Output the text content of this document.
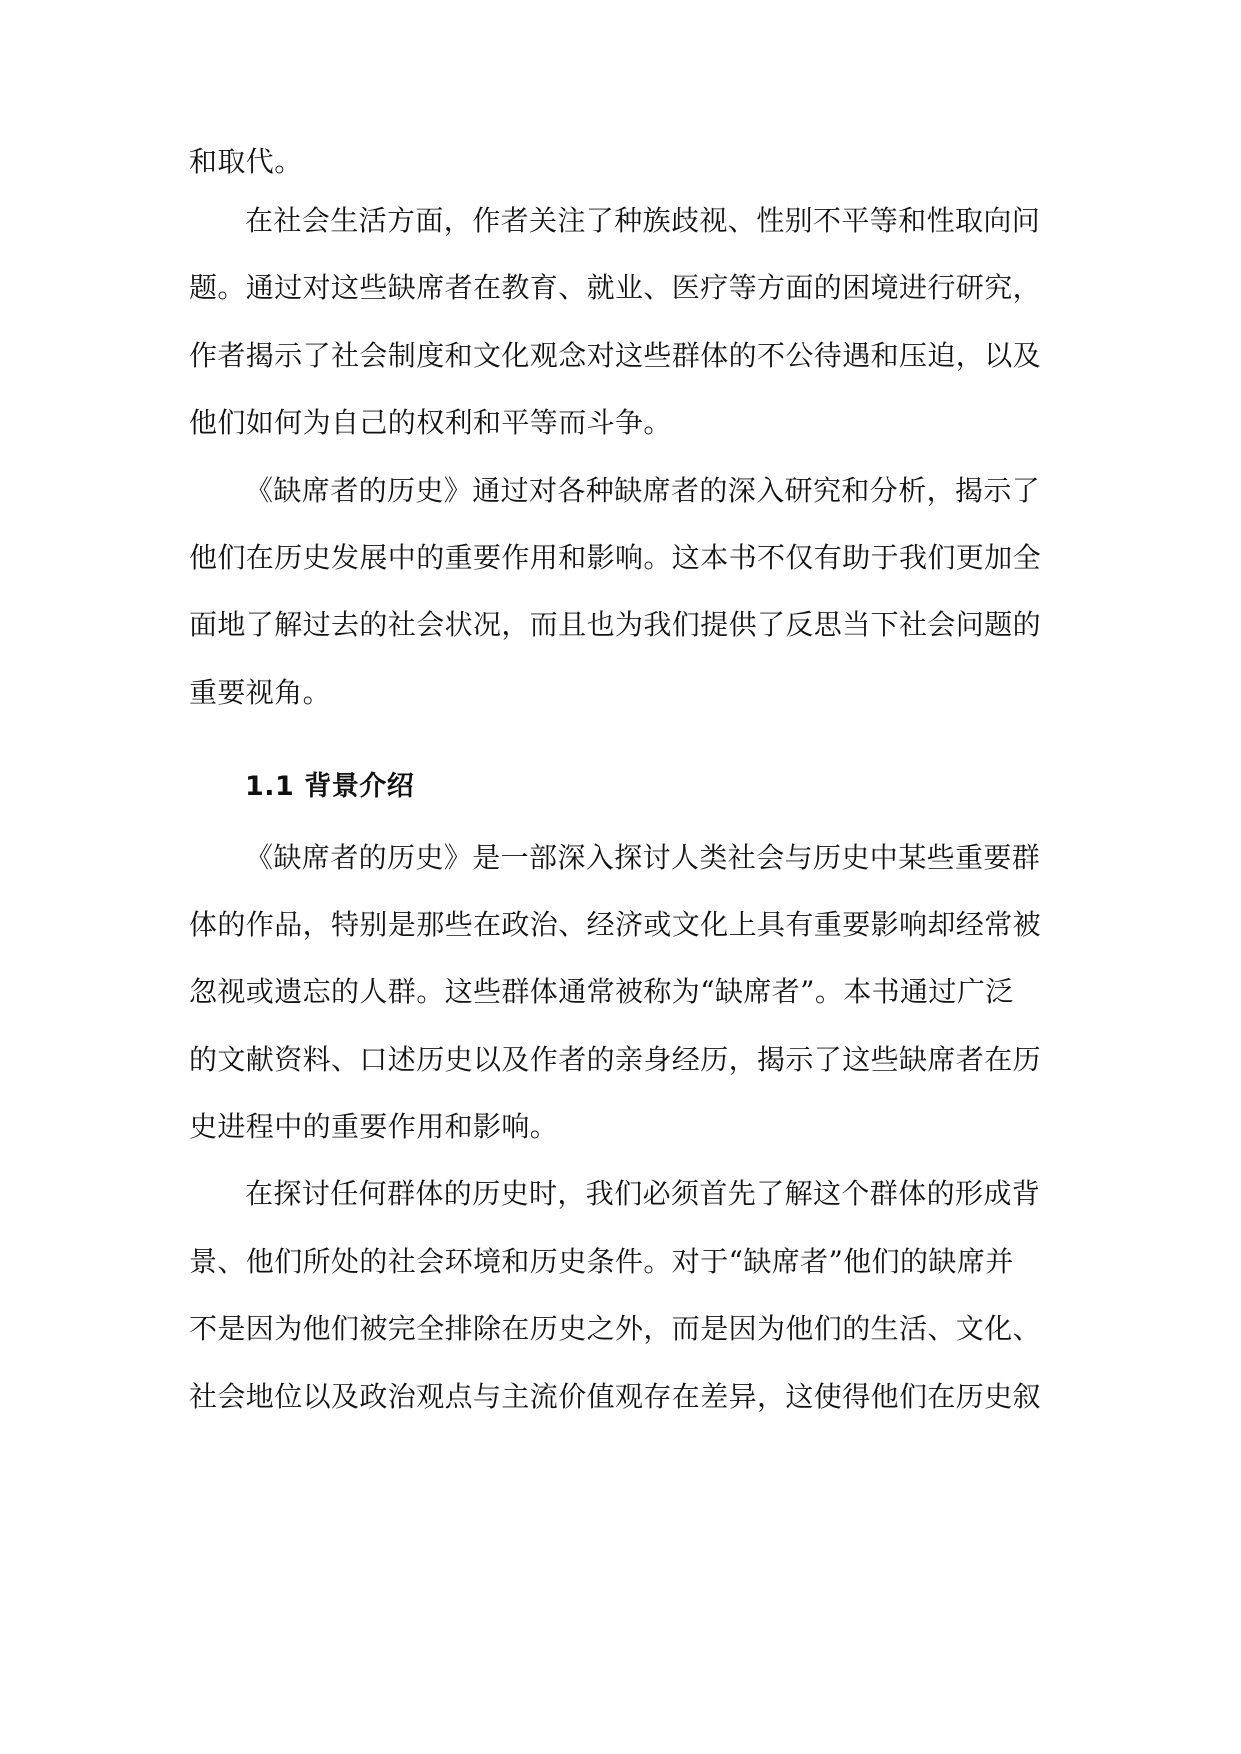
和取代。
在社会生活方面，作者关注了种族歧视、性别不平等和性取向问
题。通过对这些缺席者在教育、就业、医疗等方面的困境进行研究，
作者揭示了社会制度和文化观念对这些群体的不公待遇和压迫，以及
他们如何为自己的权利和平等而斗争。
《缺席者的历史》通过对各种缺席者的深入研究和分析，揭示了
他们在历史发展中的重要作用和影响。这本书不仅有助于我们更加全
面地了解过去的社会状况，而且也为我们提供了反思当下社会问题的
重要视角。
1.1 背景介绍
《缺席者的历史》是一部深入探讨人类社会与历史中某些重要群
体的作品，特别是那些在政治、经济或文化上具有重要影响却经常被
忽视或遗忘的人群。这些群体通常被称为“缺席者”。本书通过广泛
的文献资料、口述历史以及作者的亲身经历，揭示了这些缺席者在历
史进程中的重要作用和影响。
在探讨任何群体的历史时，我们必须首先了解这个群体的形成背
景、他们所处的社会环境和历史条件。对于“缺席者”他们的缺席并
不是因为他们被完全排除在历史之外，而是因为他们的生活、文化、
社会地位以及政治观点与主流价值观存在差异，这使得他们在历史叙
